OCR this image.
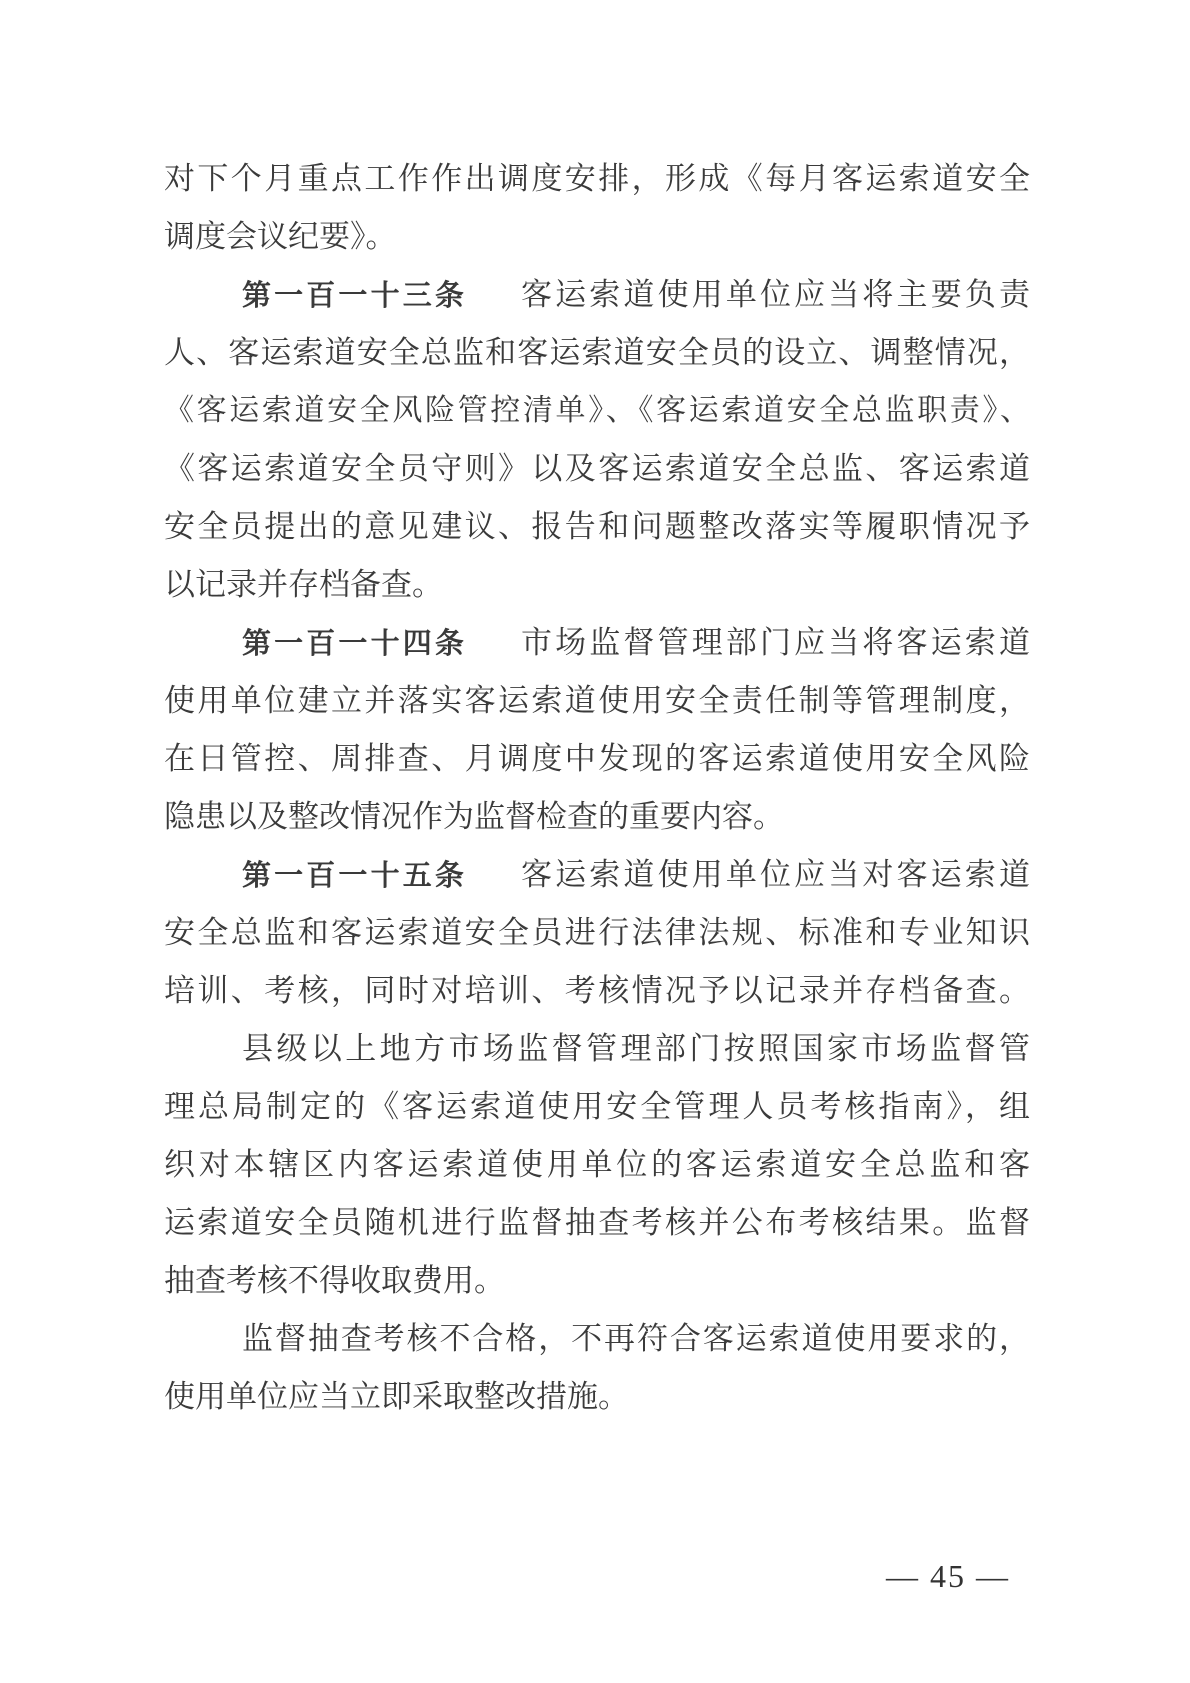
对下个月重点工作作出调度安排，形成《每月客运索道安全
调度会议纪要》。
第一百一十三条 客运索道使用单位应当将主要负责
人、客运索道安全总监和客运索道安全员的设立、调整情况，
《客运索道安全风险管控清单》、《客运索道安全总监职责》、
《客运索道安全员守则》以及客运索道安全总监、客运索道
安全员提出的意见建议、报告和问题整改落实等履职情况予
以记录并存档备查。
第一百一十四条 市场监督管理部门应当将客运索道
使用单位建立并落实客运索道使用安全责任制等管理制度，
在日管控、周排查、月调度中发现的客运索道使用安全风险
隐患以及整改情况作为监督检查的重要内容。
第一百一十五条 客运索道使用单位应当对客运索道
安全总监和客运索道安全员进行法律法规、标准和专业知识
培训、考核，同时对培训、考核情况予以记录并存档备查。
县级以上地方市场监督管理部门按照国家市场监督管
理总局制定的《客运索道使用安全管理人员考核指南》，组
织对本辖区内客运索道使用单位的客运索道安全总监和客
运索道安全员随机进行监督抽查考核并公布考核结果。监督
抽查考核不得收取费用。
监督抽查考核不合格，不再符合客运索道使用要求的，
使用单位应当立即采取整改措施。
— 45 —
